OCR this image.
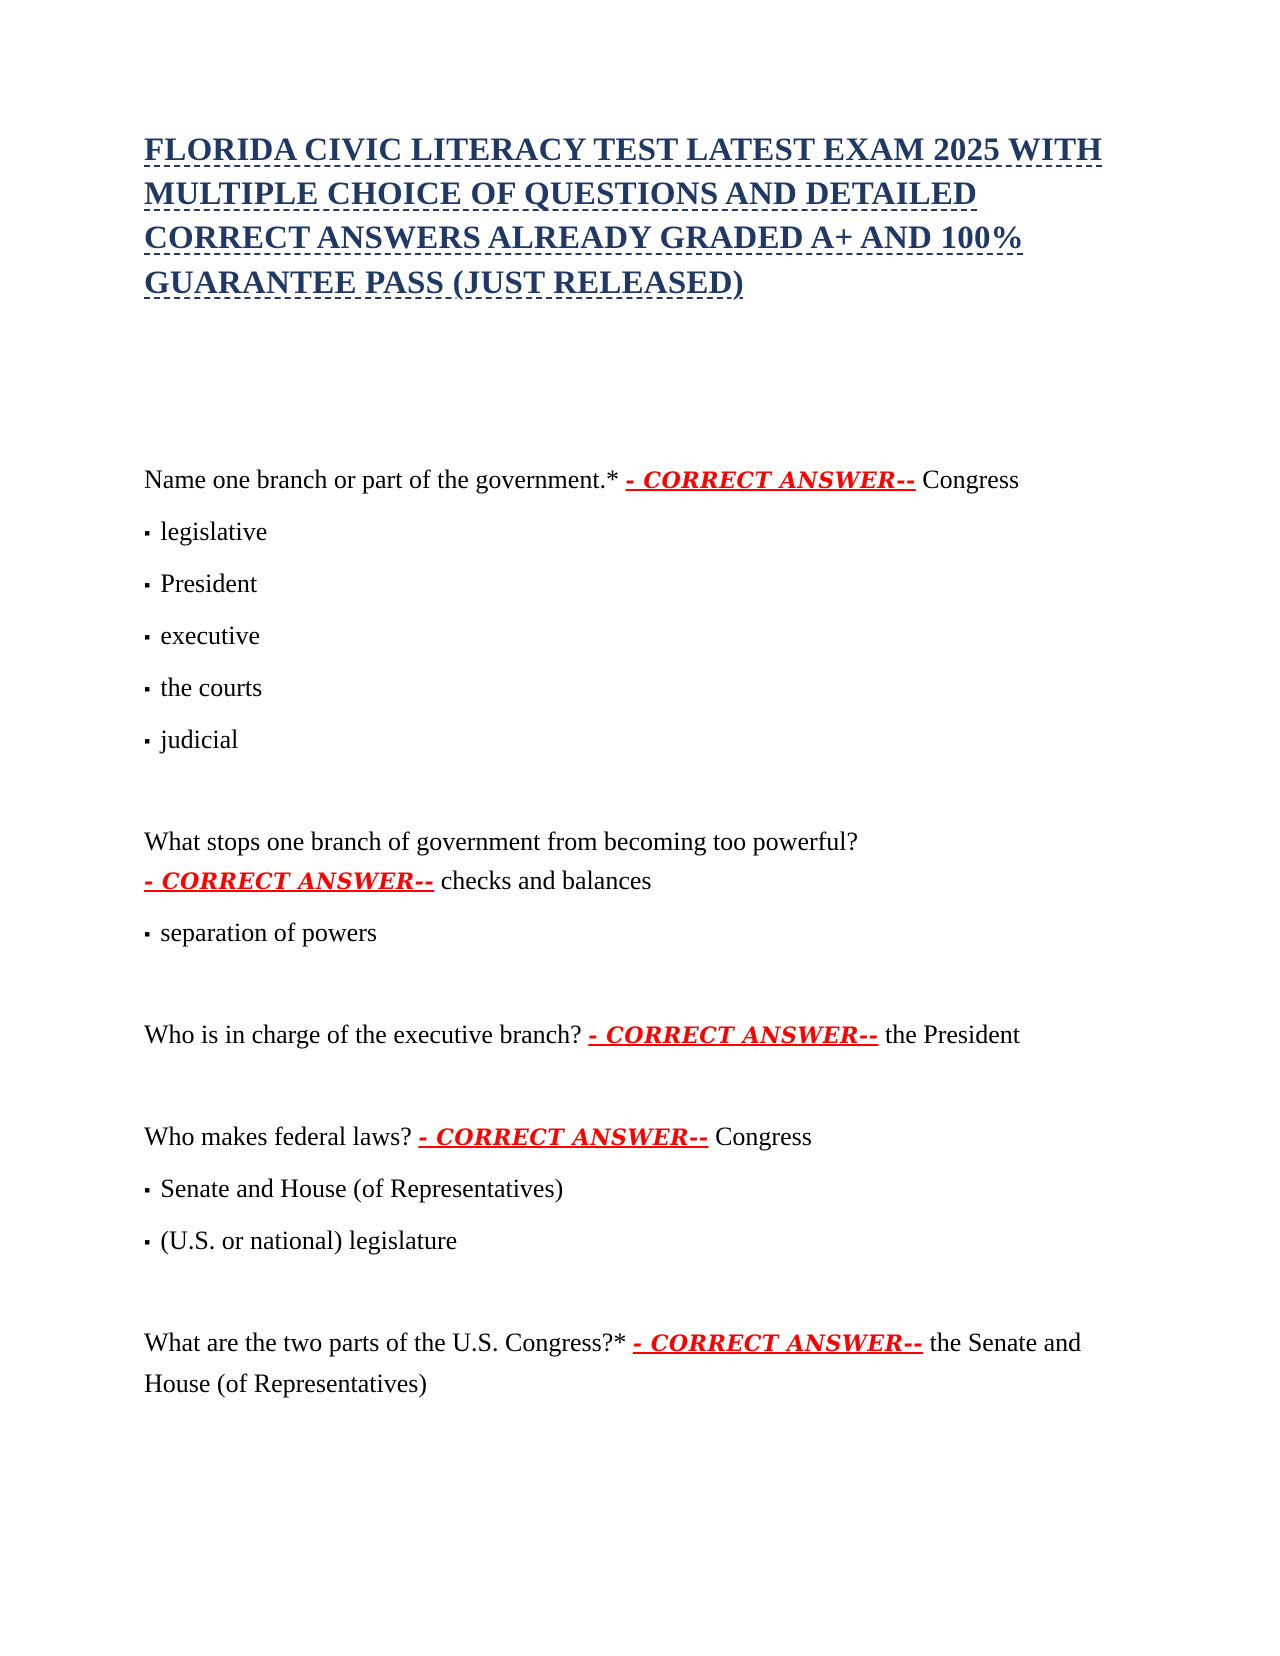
FLORIDA CIVIC LITERACY TEST LATEST EXAM 2025 WITH MULTIPLE CHOICE OF QUESTIONS AND DETAILED CORRECT ANSWERS ALREADY GRADED A+ AND 100% GUARANTEE PASS (JUST RELEASED)

Name one branch or part of the government.* - CORRECT ANSWER-- Congress

▪ legislative

▪ President

▪ executive

▪ the courts

▪ judicial

What stops one branch of government from becoming too powerful? - CORRECT ANSWER-- checks and balances

▪ separation of powers

Who is in charge of the executive branch? - CORRECT ANSWER-- the President

Who makes federal laws? - CORRECT ANSWER-- Congress

▪ Senate and House (of Representatives)

▪ (U.S. or national) legislature

What are the two parts of the U.S. Congress?* - CORRECT ANSWER-- the Senate and House (of Representatives)
